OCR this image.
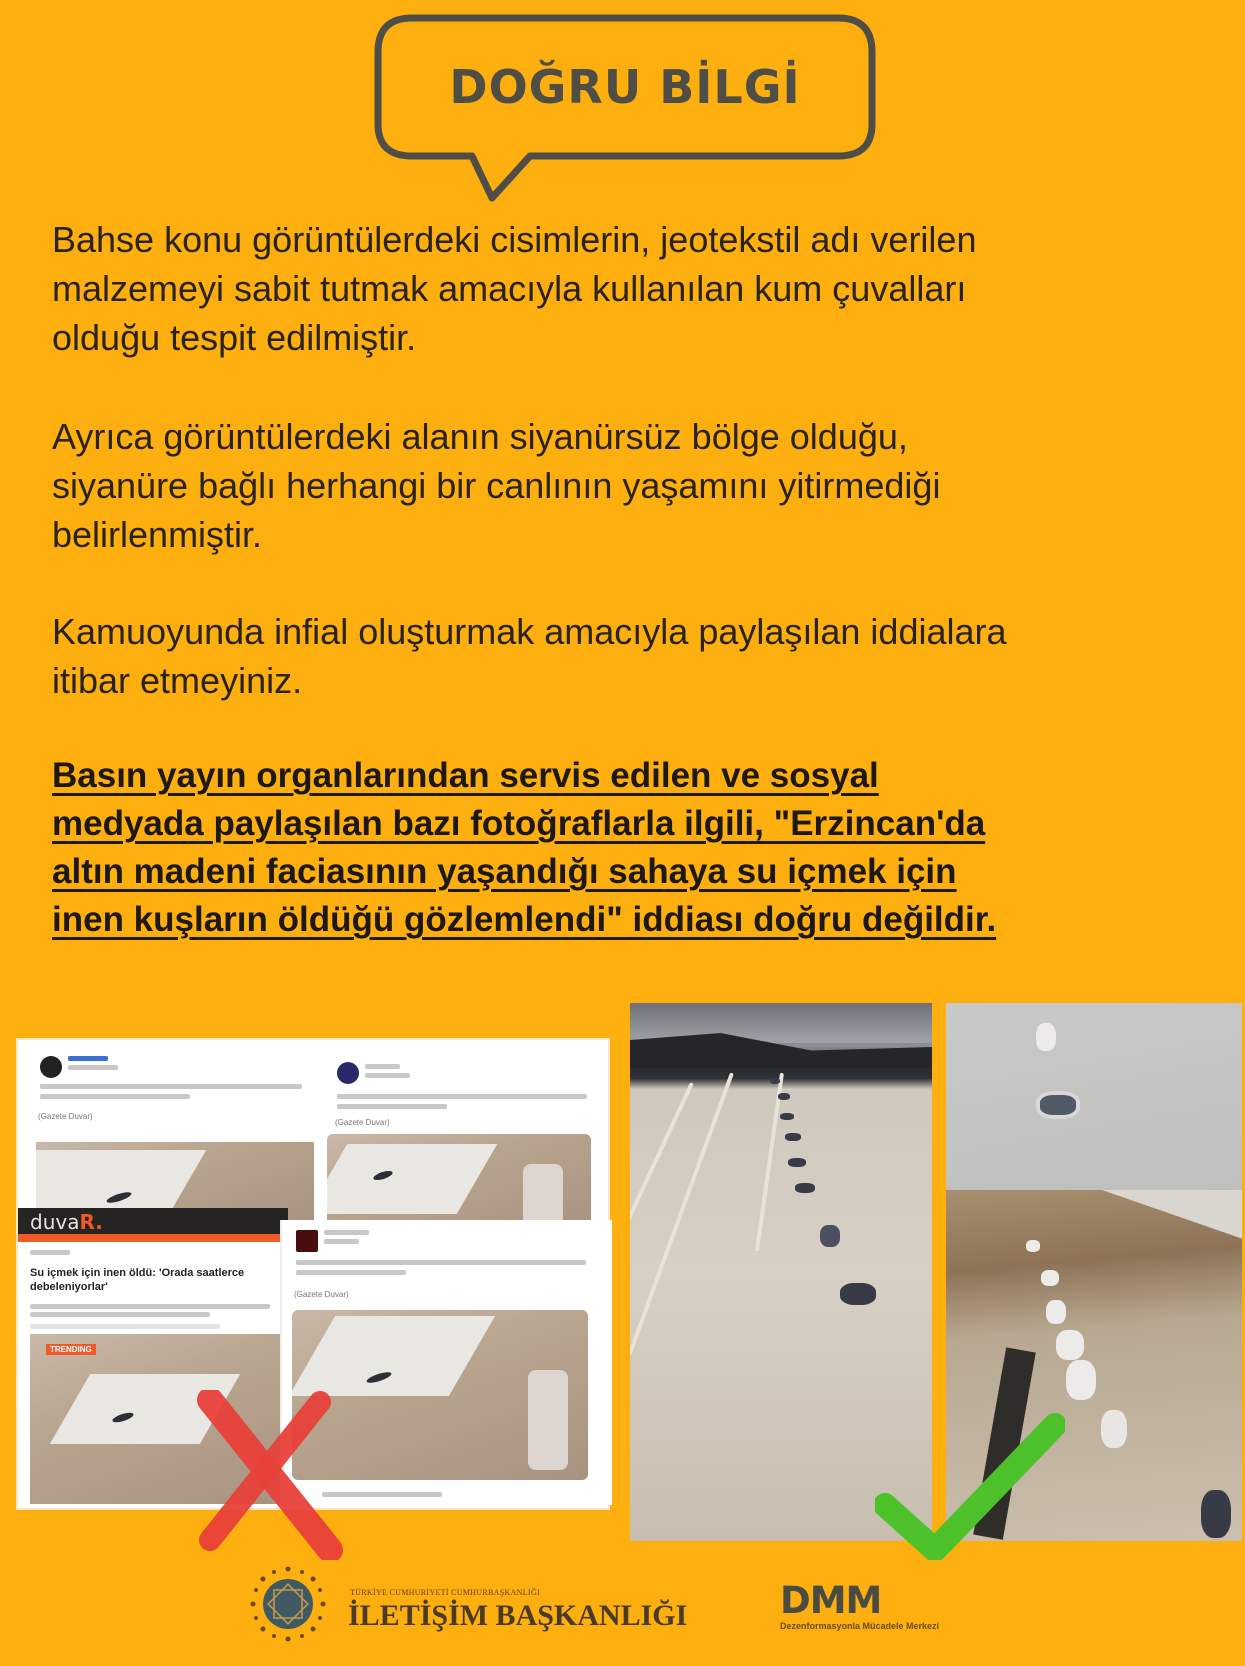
DOĞRU BİLGİ
Bahse konu görüntülerdeki cisimlerin, jeotekstil adı verilen
malzemeyi sabit tutmak amacıyla kullanılan kum çuvalları
olduğu tespit edilmiştir.
Ayrıca görüntülerdeki alanın siyanürsüz bölge olduğu,
siyanüre bağlı herhangi bir canlının yaşamını yitirmediği
belirlenmiştir.
Kamuoyunda infial oluşturmak amacıyla paylaşılan iddialara
itibar etmeyiniz.
Basın yayın organlarından servis edilen ve sosyal
medyada paylaşılan bazı fotoğraflarla ilgili, "Erzincan'da
altın madeni faciasının yaşandığı sahaya su içmek için
inen kuşların öldüğü gözlemlendi" iddiası doğru değildir.
(Gazete Duvar)
(Gazete Duvar)
duvaR.
Su içmek için inen öldü: 'Orada saatlerce debeleniyorlar'
TRENDING
(Gazete Duvar)
TÜRKİYE CUMHURİYETİ CUMHURBAŞKANLIĞI
İLETİŞİM BAŞKANLIĞI	DMM
Dezenformasyonla Mücadele Merkezi
